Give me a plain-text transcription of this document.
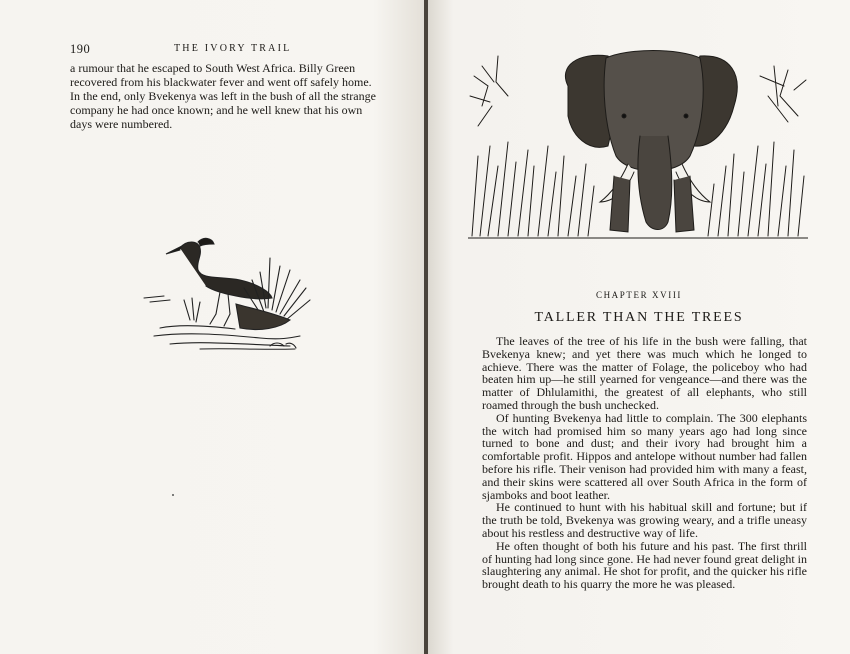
190	THE IVORY TRAIL

a rumour that he escaped to South West Africa. Billy Green recovered from his blackwater fever and went off safely home. In the end, only Bvekenya was left in the bush of all the strange company he had once known; and he well knew that his own days were numbered.

CHAPTER XVIII
TALLER THAN THE TREES

The leaves of the tree of his life in the bush were falling, that Bvekenya knew; and yet there was much which he longed to achieve. There was the matter of Folage, the policeboy who had beaten him up—he still yearned for vengeance—and there was the matter of Dhlulamithi, the greatest of all elephants, who still roamed through the bush unchecked.

Of hunting Bvekenya had little to complain. The 300 elephants the witch had promised him so many years ago had long since turned to bone and dust; and their ivory had brought him a comfortable profit. Hippos and antelope without number had fallen before his rifle. Their venison had provided him with many a feast, and their skins were scattered all over South Africa in the form of sjamboks and boot leather.

He continued to hunt with his habitual skill and fortune; but if the truth be told, Bvekenya was growing weary, and a trifle uneasy about his restless and destructive way of life.

He often thought of both his future and his past. The first thrill of hunting had long since gone. He had never found great delight in slaughtering any animal. He shot for profit, and the quicker his rifle brought death to his quarry the more he was pleased.
